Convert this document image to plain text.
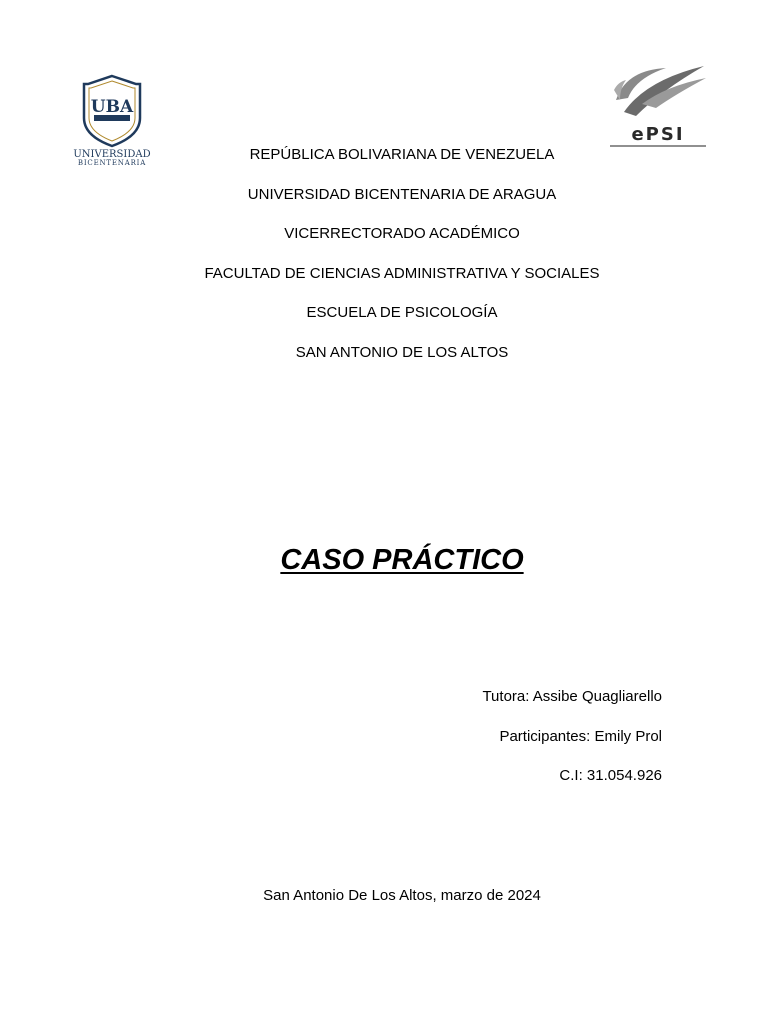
UBA
UNIVERSIDAD
BICENTENARIA
ePSI
REPÚBLICA BOLIVARIANA DE VENEZUELA
UNIVERSIDAD BICENTENARIA DE ARAGUA
VICERRECTORADO ACADÉMICO
FACULTAD DE CIENCIAS ADMINISTRATIVA Y SOCIALES
ESCUELA DE PSICOLOGÍA
SAN ANTONIO DE LOS ALTOS
CASO PRÁCTICO
Tutora: Assibe Quagliarello
Participantes: Emily Prol
C.I: 31.054.926
San Antonio De Los Altos, marzo de 2024
